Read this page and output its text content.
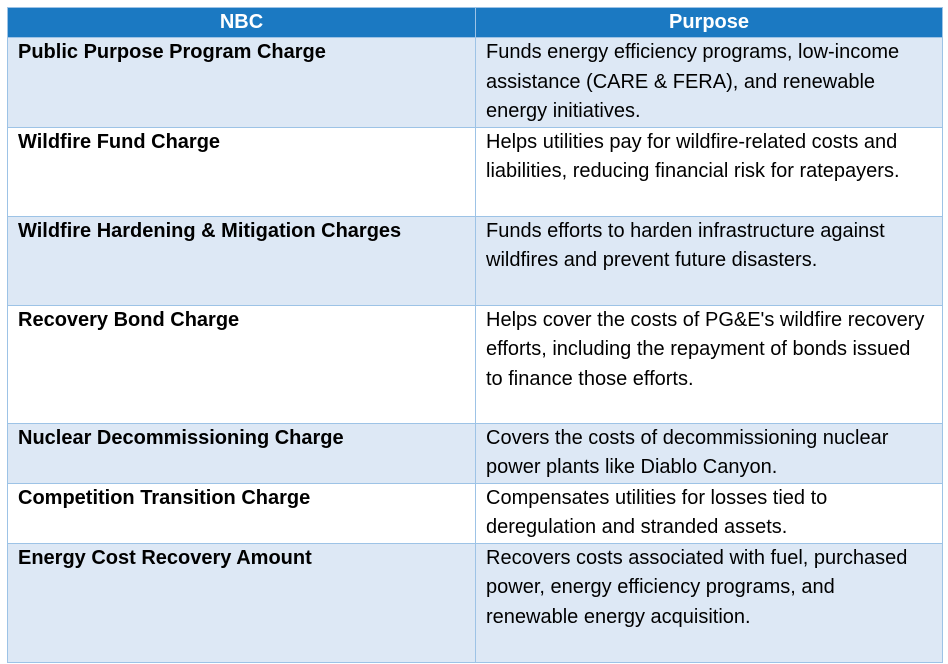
NBC	Purpose
Public Purpose Program Charge	Funds energy efficiency programs, low-income assistance (CARE & FERA), and renewable energy initiatives.
Wildfire Fund Charge	Helps utilities pay for wildfire-related costs and liabilities, reducing financial risk for ratepayers.
Wildfire Hardening & Mitigation Charges	Funds efforts to harden infrastructure against wildfires and prevent future disasters.
Recovery Bond Charge	Helps cover the costs of PG&E's wildfire recovery efforts, including the repayment of bonds issued to finance those efforts.
Nuclear Decommissioning Charge	Covers the costs of decommissioning nuclear power plants like Diablo Canyon.
Competition Transition Charge	Compensates utilities for losses tied to deregulation and stranded assets.
Energy Cost Recovery Amount	Recovers costs associated with fuel, purchased power, energy efficiency programs, and renewable energy acquisition.
